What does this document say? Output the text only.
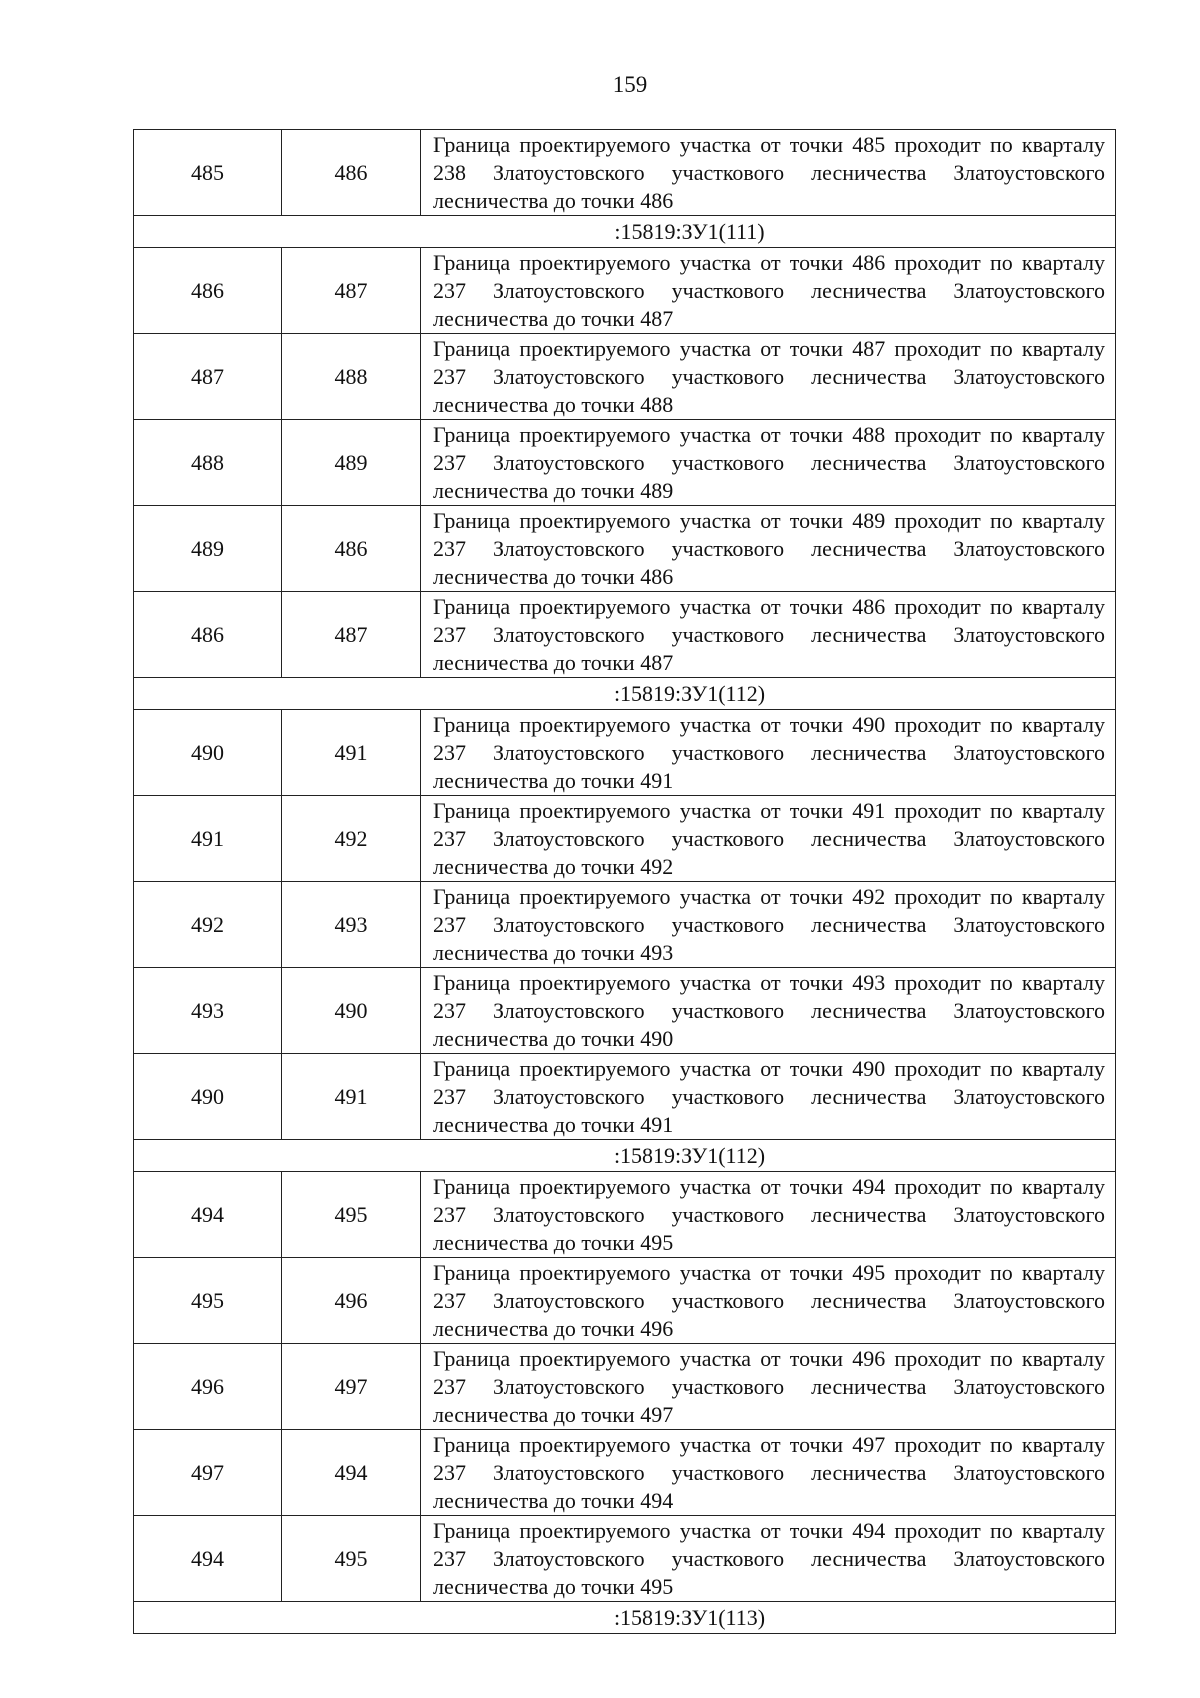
159
485	486	Граница проектируемого участка от точки 485 проходит по кварталу 238 Златоустовского участкового лесничества Златоустовского лесничества до точки 486
:15819:ЗУ1(111)		
486	487	Граница проектируемого участка от точки 486 проходит по кварталу 237 Златоустовского участкового лесничества Златоустовского лесничества до точки 487
487	488	Граница проектируемого участка от точки 487 проходит по кварталу 237 Златоустовского участкового лесничества Златоустовского лесничества до точки 488
488	489	Граница проектируемого участка от точки 488 проходит по кварталу 237 Златоустовского участкового лесничества Златоустовского лесничества до точки 489
489	486	Граница проектируемого участка от точки 489 проходит по кварталу 237 Златоустовского участкового лесничества Златоустовского лесничества до точки 486
486	487	Граница проектируемого участка от точки 486 проходит по кварталу 237 Златоустовского участкового лесничества Златоустовского лесничества до точки 487
:15819:ЗУ1(112)		
490	491	Граница проектируемого участка от точки 490 проходит по кварталу 237 Златоустовского участкового лесничества Златоустовского лесничества до точки 491
491	492	Граница проектируемого участка от точки 491 проходит по кварталу 237 Златоустовского участкового лесничества Златоустовского лесничества до точки 492
492	493	Граница проектируемого участка от точки 492 проходит по кварталу 237 Златоустовского участкового лесничества Златоустовского лесничества до точки 493
493	490	Граница проектируемого участка от точки 493 проходит по кварталу 237 Златоустовского участкового лесничества Златоустовского лесничества до точки 490
490	491	Граница проектируемого участка от точки 490 проходит по кварталу 237 Златоустовского участкового лесничества Златоустовского лесничества до точки 491
:15819:ЗУ1(112)		
494	495	Граница проектируемого участка от точки 494 проходит по кварталу 237 Златоустовского участкового лесничества Златоустовского лесничества до точки 495
495	496	Граница проектируемого участка от точки 495 проходит по кварталу 237 Златоустовского участкового лесничества Златоустовского лесничества до точки 496
496	497	Граница проектируемого участка от точки 496 проходит по кварталу 237 Златоустовского участкового лесничества Златоустовского лесничества до точки 497
497	494	Граница проектируемого участка от точки 497 проходит по кварталу 237 Златоустовского участкового лесничества Златоустовского лесничества до точки 494
494	495	Граница проектируемого участка от точки 494 проходит по кварталу 237 Златоустовского участкового лесничества Златоустовского лесничества до точки 495
:15819:ЗУ1(113)		
